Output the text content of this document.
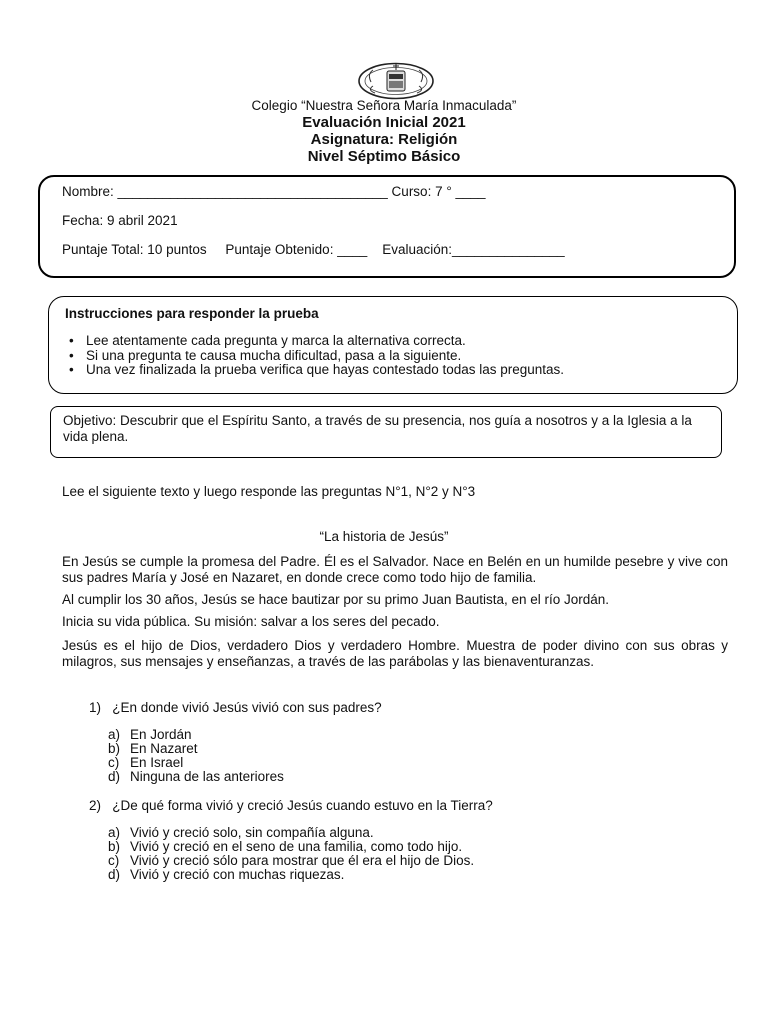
Colegio “Nuestra Señora María Inmaculada”
Evaluación Inicial 2021
Asignatura: Religión
Nivel Séptimo Básico
Nombre: ____________________________________ Curso: 7 ° ____
Fecha: 9 abril 2021
Puntaje Total: 10 puntos     Puntaje Obtenido: ____    Evaluación:_______________
Instrucciones para responder la prueba
• Lee atentamente cada pregunta y marca la alternativa correcta.
• Si una pregunta te causa mucha dificultad, pasa a la siguiente.
• Una vez finalizada la prueba verifica que hayas contestado todas las preguntas.
Objetivo: Descubrir que el Espíritu Santo, a través de su presencia, nos guía a nosotros y a la Iglesia a la vida plena.
Lee el siguiente texto y luego responde las preguntas N°1, N°2 y N°3
“La historia de Jesús”
En Jesús se cumple la promesa del Padre. Él es el Salvador. Nace en Belén en un humilde pesebre y vive con sus padres María y José en Nazaret, en donde crece como todo hijo de familia.
Al cumplir los 30 años, Jesús se hace bautizar por su primo Juan Bautista, en el río Jordán.
Inicia su vida pública. Su misión: salvar a los seres del pecado.
Jesús es el hijo de Dios, verdadero Dios y verdadero Hombre. Muestra de poder divino con sus obras y milagros, sus mensajes y enseñanzas, a través de las parábolas y las bienaventuranzas.
1) ¿En donde vivió Jesús vivió con sus padres?
a) En Jordán
b) En Nazaret
c) En Israel
d) Ninguna de las anteriores
2) ¿De qué forma vivió y creció Jesús cuando estuvo en la Tierra?
a) Vivió y creció solo, sin compañía alguna.
b) Vivió y creció en el seno de una familia, como todo hijo.
c) Vivió y creció sólo para mostrar que él era el hijo de Dios.
d) Vivió y creció con muchas riquezas.
